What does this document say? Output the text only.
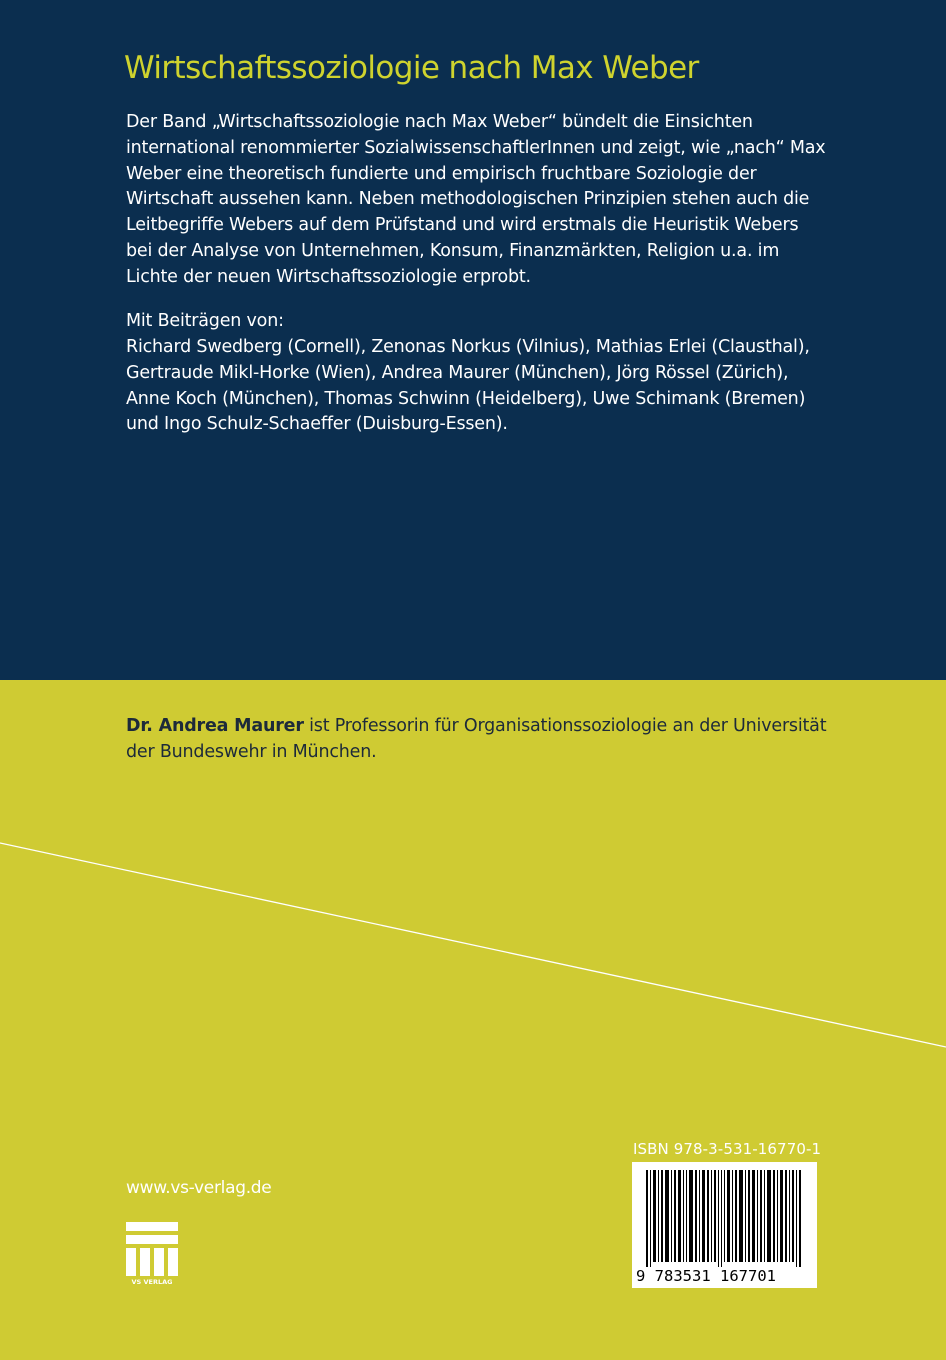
Wirtschaftssoziologie nach Max Weber

Der Band „Wirtschaftssoziologie nach Max Weber“ bündelt die Einsichten international renommierter SozialwissenschaftlerInnen und zeigt, wie „nach“ Max Weber eine theoretisch fundierte und empirisch fruchtbare Soziologie der Wirtschaft aussehen kann. Neben methodologischen Prinzipien stehen auch die Leitbegriffe Webers auf dem Prüfstand und wird erstmals die Heuristik Webers bei der Analyse von Unternehmen, Konsum, Finanzmärkten, Religion u.a. im Lichte der neuen Wirtschaftssoziologie erprobt.

Mit Beiträgen von:

Richard Swedberg (Cornell), Zenonas Norkus (Vilnius), Mathias Erlei (Clausthal), Gertraude Mikl-Horke (Wien), Andrea Maurer (München), Jörg Rössel (Zürich), Anne Koch (München), Thomas Schwinn (Heidelberg), Uwe Schimank (Bremen) und Ingo Schulz-Schaeffer (Duisburg-Essen).

Dr. Andrea Maurer ist Professorin für Organisationssoziologie an der Universität der Bundeswehr in München.

www.vs-verlag.de

VS VERLAG

ISBN 978-3-531-16770-1

9 783531 167701
